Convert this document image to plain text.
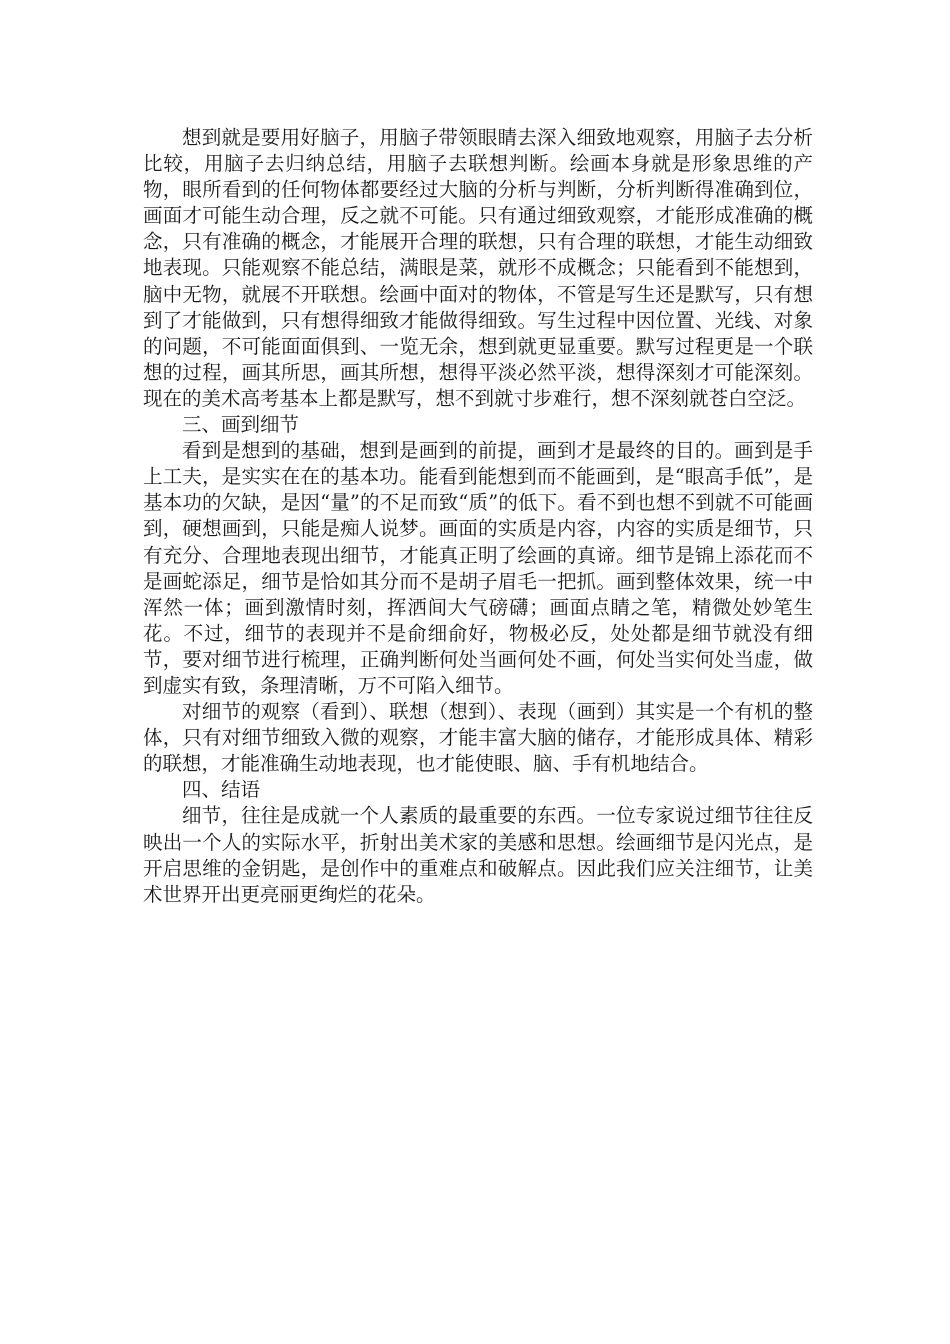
想到就是要用好脑子，用脑子带领眼睛去深入细致地观察，用脑子去分析比较，用脑子去归纳总结，用脑子去联想判断。绘画本身就是形象思维的产物，眼所看到的任何物体都要经过大脑的分析与判断，分析判断得准确到位，画面才可能生动合理，反之就不可能。只有通过细致观察，才能形成准确的概念，只有准确的概念，才能展开合理的联想，只有合理的联想，才能生动细致地表现。只能观察不能总结，满眼是菜，就形不成概念；只能看到不能想到，脑中无物，就展不开联想。绘画中面对的物体，不管是写生还是默写，只有想到了才能做到，只有想得细致才能做得细致。写生过程中因位置、光线、对象的问题，不可能面面俱到、一览无余，想到就更显重要。默写过程更是一个联想的过程，画其所思，画其所想，想得平淡必然平淡，想得深刻才可能深刻。现在的美术高考基本上都是默写，想不到就寸步难行，想不深刻就苍白空泛。

三、画到细节

看到是想到的基础，想到是画到的前提，画到才是最终的目的。画到是手上工夫，是实实在在的基本功。能看到能想到而不能画到，是“眼高手低”，是基本功的欠缺，是因“量”的不足而致“质”的低下。看不到也想不到就不可能画到，硬想画到，只能是痴人说梦。画面的实质是内容，内容的实质是细节，只有充分、合理地表现出细节，才能真正明了绘画的真谛。细节是锦上添花而不是画蛇添足，细节是恰如其分而不是胡子眉毛一把抓。画到整体效果，统一中浑然一体；画到激情时刻，挥洒间大气磅礴；画面点睛之笔，精微处妙笔生花。不过，细节的表现并不是俞细俞好，物极必反，处处都是细节就没有细节，要对细节进行梳理，正确判断何处当画何处不画，何处当实何处当虚，做到虚实有致，条理清晰，万不可陷入细节。

对细节的观察（看到）、联想（想到）、表现（画到）其实是一个有机的整体，只有对细节细致入微的观察，才能丰富大脑的储存，才能形成具体、精彩的联想，才能准确生动地表现，也才能使眼、脑、手有机地结合。

四、结语

细节，往往是成就一个人素质的最重要的东西。一位专家说过细节往往反映出一个人的实际水平，折射出美术家的美感和思想。绘画细节是闪光点，是开启思维的金钥匙，是创作中的重难点和破解点。因此我们应关注细节，让美术世界开出更亮丽更绚烂的花朵。
